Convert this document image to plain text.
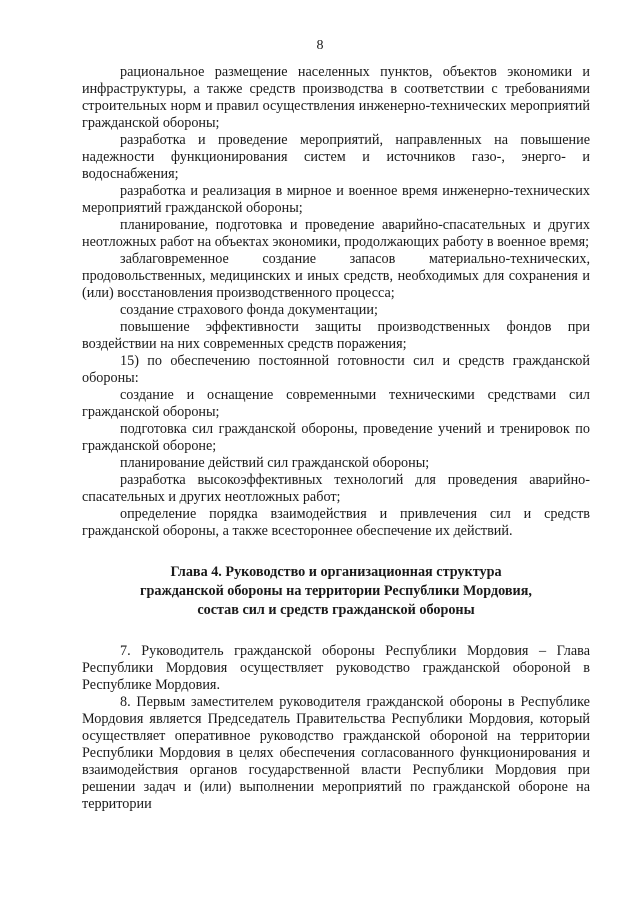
8

рациональное размещение населенных пунктов, объектов экономики и инфраструктуры, а также средств производства в соответствии с требованиями строительных норм и правил осуществления инженерно-технических мероприятий гражданской обороны;

разработка и проведение мероприятий, направленных на повышение надежности функционирования систем и источников газо-, энерго- и водоснабжения;

разработка и реализация в мирное и военное время инженерно-технических мероприятий гражданской обороны;

планирование, подготовка и проведение аварийно-спасательных и других неотложных работ на объектах экономики, продолжающих работу в военное время;

заблаговременное создание запасов материально-технических, продовольственных, медицинских и иных средств, необходимых для сохранения и (или) восстановления производственного процесса;

создание страхового фонда документации;

повышение эффективности защиты производственных фондов при воздействии на них современных средств поражения;

15) по обеспечению постоянной готовности сил и средств гражданской обороны:

создание и оснащение современными техническими средствами сил гражданской обороны;

подготовка сил гражданской обороны, проведение учений и тренировок по гражданской обороне;

планирование действий сил гражданской обороны;

разработка высокоэффективных технологий для проведения аварийно-спасательных и других неотложных работ;

определение порядка взаимодействия и привлечения сил и средств гражданской обороны, а также всестороннее обеспечение их действий.

Глава 4. Руководство и организационная структура
гражданской обороны на территории Республики Мордовия,
состав сил и средств гражданской обороны

7. Руководитель гражданской обороны Республики Мордовия – Глава Республики Мордовия осуществляет руководство гражданской обороной в Республике Мордовия.

8. Первым заместителем руководителя гражданской обороны в Республике Мордовия является Председатель Правительства Республики Мордовия, который осуществляет оперативное руководство гражданской обороной на территории Республики Мордовия в целях обеспечения согласованного функционирования и взаимодействия органов государственной власти Республики Мордовия при решении задач и (или) выполнении мероприятий по гражданской обороне на территории
